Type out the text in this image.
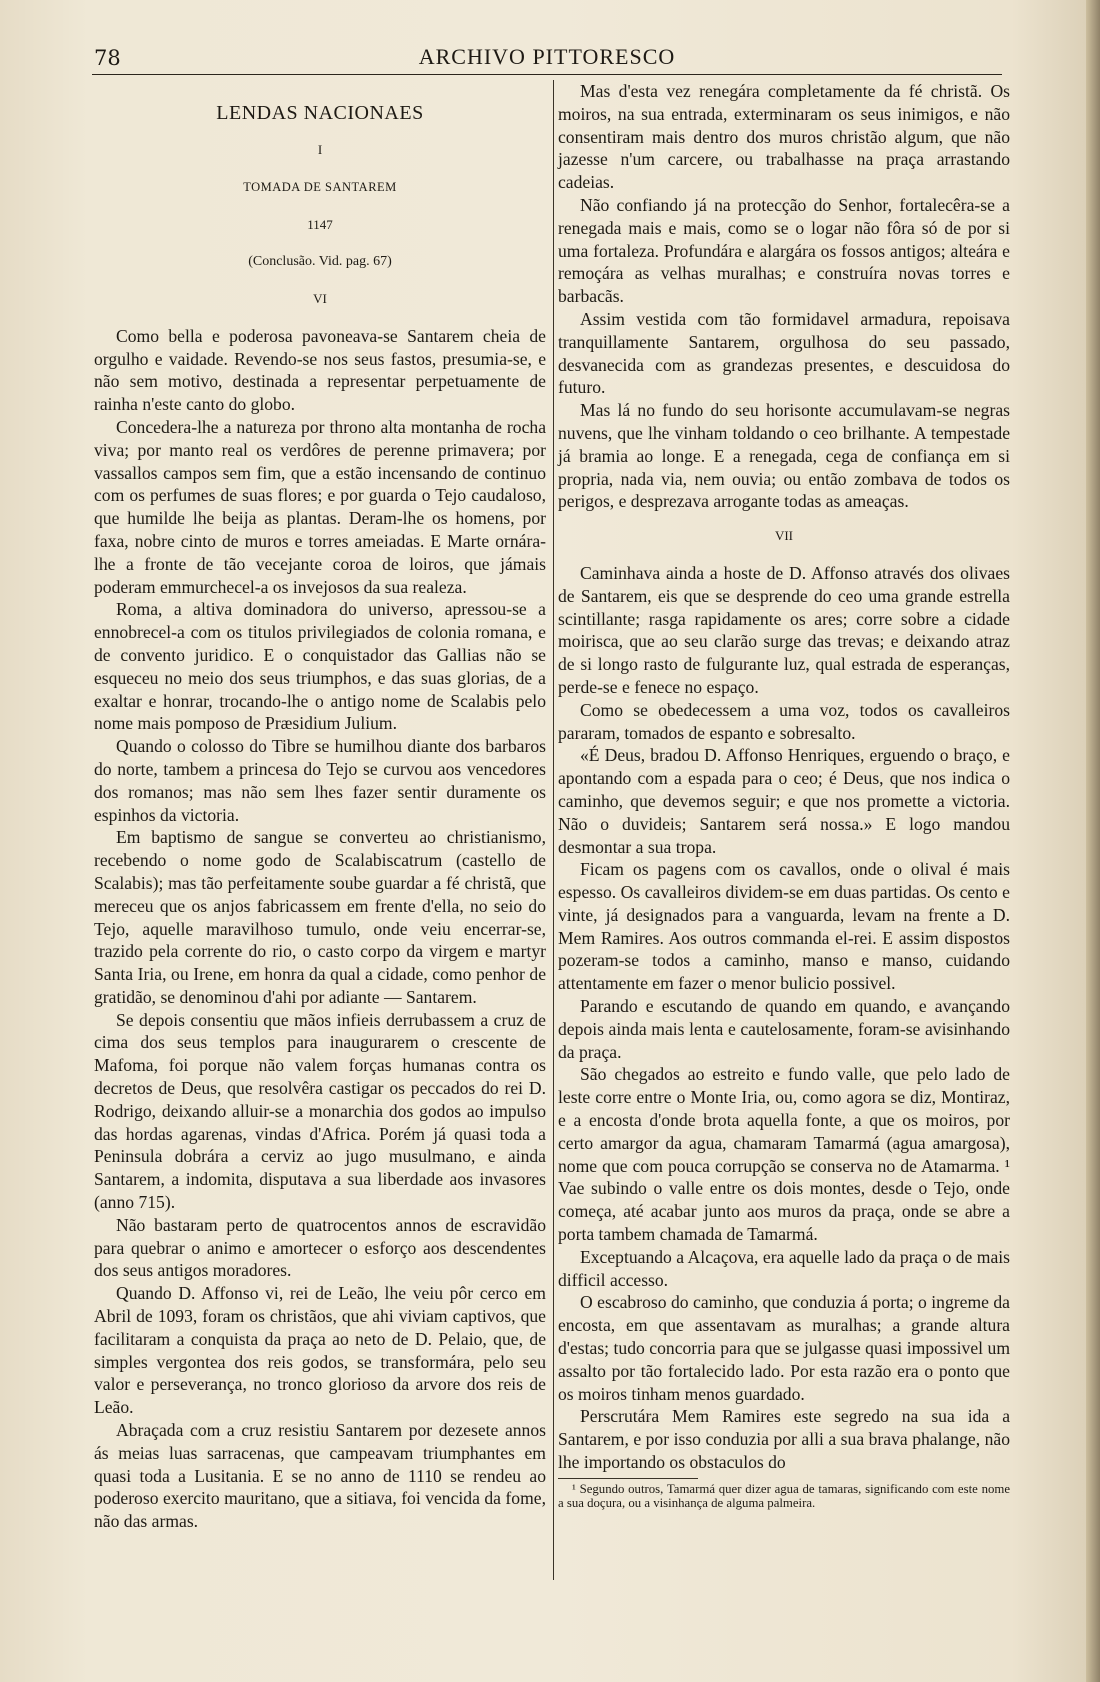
78	ARCHIVO PITTORESCO

LENDAS NACIONAES

I

TOMADA DE SANTAREM

1147

(Conclusão. Vid. pag. 67)

VI

Como bella e poderosa pavoneava-se Santarem cheia de orgulho e vaidade. Revendo-se nos seus fastos, presumia-se, e não sem motivo, destinada a representar perpetuamente de rainha n'este canto do globo.

Concedera-lhe a natureza por throno alta montanha de rocha viva; por manto real os verdôres de perenne primavera; por vassallos campos sem fim, que a estão incensando de continuo com os perfumes de suas flores; e por guarda o Tejo caudaloso, que humilde lhe beija as plantas. Deram-lhe os homens, por faxa, nobre cinto de muros e torres ameiadas. E Marte ornára-lhe a fronte de tão vecejante coroa de loiros, que jámais poderam emmurchecel-a os invejosos da sua realeza.

Roma, a altiva dominadora do universo, apressou-se a ennobrecel-a com os titulos privilegiados de colonia romana, e de convento juridico. E o conquistador das Gallias não se esqueceu no meio dos seus triumphos, e das suas glorias, de a exaltar e honrar, trocando-lhe o antigo nome de Scalabis pelo nome mais pomposo de Præsidium Julium.

Quando o colosso do Tibre se humilhou diante dos barbaros do norte, tambem a princesa do Tejo se curvou aos vencedores dos romanos; mas não sem lhes fazer sentir duramente os espinhos da victoria.

Em baptismo de sangue se converteu ao christianismo, recebendo o nome godo de Scalabiscatrum (castello de Scalabis); mas tão perfeitamente soube guardar a fé christã, que mereceu que os anjos fabricassem em frente d'ella, no seio do Tejo, aquelle maravilhoso tumulo, onde veiu encerrar-se, trazido pela corrente do rio, o casto corpo da virgem e martyr Santa Iria, ou Irene, em honra da qual a cidade, como penhor de gratidão, se denominou d'ahi por adiante — Santarem.

Se depois consentiu que mãos infieis derrubassem a cruz de cima dos seus templos para inaugurarem o crescente de Mafoma, foi porque não valem forças humanas contra os decretos de Deus, que resolvêra castigar os peccados do rei D. Rodrigo, deixando alluir-se a monarchia dos godos ao impulso das hordas agarenas, vindas d'Africa. Porém já quasi toda a Peninsula dobrára a cerviz ao jugo musulmano, e ainda Santarem, a indomita, disputava a sua liberdade aos invasores (anno 715).

Não bastaram perto de quatrocentos annos de escravidão para quebrar o animo e amortecer o esforço aos descendentes dos seus antigos moradores.

Quando D. Affonso vi, rei de Leão, lhe veiu pôr cerco em Abril de 1093, foram os christãos, que ahi viviam captivos, que facilitaram a conquista da praça ao neto de D. Pelaio, que, de simples vergontea dos reis godos, se transformára, pelo seu valor e perseverança, no tronco glorioso da arvore dos reis de Leão.

Abraçada com a cruz resistiu Santarem por dezesete annos ás meias luas sarracenas, que campeavam triumphantes em quasi toda a Lusitania. E se no anno de 1110 se rendeu ao poderoso exercito mauritano, que a sitiava, foi vencida da fome, não das armas.

Mas d'esta vez renegára completamente da fé christã. Os moiros, na sua entrada, exterminaram os seus inimigos, e não consentiram mais dentro dos muros christão algum, que não jazesse n'um carcere, ou trabalhasse na praça arrastando cadeias.

Não confiando já na protecção do Senhor, fortalecêra-se a renegada mais e mais, como se o logar não fôra só de por si uma fortaleza. Profundára e alargára os fossos antigos; alteára e remoçára as velhas muralhas; e construíra novas torres e barbacãs.

Assim vestida com tão formidavel armadura, repoisava tranquillamente Santarem, orgulhosa do seu passado, desvanecida com as grandezas presentes, e descuidosa do futuro.

Mas lá no fundo do seu horisonte accumulavam-se negras nuvens, que lhe vinham toldando o ceo brilhante. A tempestade já bramia ao longe. E a renegada, cega de confiança em si propria, nada via, nem ouvia; ou então zombava de todos os perigos, e desprezava arrogante todas as ameaças.

VII

Caminhava ainda a hoste de D. Affonso através dos olivaes de Santarem, eis que se desprende do ceo uma grande estrella scintillante; rasga rapidamente os ares; corre sobre a cidade moirisca, que ao seu clarão surge das trevas; e deixando atraz de si longo rasto de fulgurante luz, qual estrada de esperanças, perde-se e fenece no espaço.

Como se obedecessem a uma voz, todos os cavalleiros pararam, tomados de espanto e sobresalto.

«É Deus, bradou D. Affonso Henriques, erguendo o braço, e apontando com a espada para o ceo; é Deus, que nos indica o caminho, que devemos seguir; e que nos promette a victoria. Não o duvideis; Santarem será nossa.» E logo mandou desmontar a sua tropa.

Ficam os pagens com os cavallos, onde o olival é mais espesso. Os cavalleiros dividem-se em duas partidas. Os cento e vinte, já designados para a vanguarda, levam na frente a D. Mem Ramires. Aos outros commanda el-rei. E assim dispostos pozeram-se todos a caminho, manso e manso, cuidando attentamente em fazer o menor bulicio possivel.

Parando e escutando de quando em quando, e avançando depois ainda mais lenta e cautelosamente, foram-se avisinhando da praça.

São chegados ao estreito e fundo valle, que pelo lado de leste corre entre o Monte Iria, ou, como agora se diz, Montiraz, e a encosta d'onde brota aquella fonte, a que os moiros, por certo amargor da agua, chamaram Tamarmá (agua amargosa), nome que com pouca corrupção se conserva no de Atamarma. ¹ Vae subindo o valle entre os dois montes, desde o Tejo, onde começa, até acabar junto aos muros da praça, onde se abre a porta tambem chamada de Tamarmá.

Exceptuando a Alcaçova, era aquelle lado da praça o de mais difficil accesso.

O escabroso do caminho, que conduzia á porta; o ingreme da encosta, em que assentavam as muralhas; a grande altura d'estas; tudo concorria para que se julgasse quasi impossivel um assalto por tão fortalecido lado. Por esta razão era o ponto que os moiros tinham menos guardado.

Perscrutára Mem Ramires este segredo na sua ida a Santarem, e por isso conduzia por alli a sua brava phalange, não lhe importando os obstaculos do

¹ Segundo outros, Tamarmá quer dizer agua de tamaras, significando com este nome a sua doçura, ou a visinhança de alguma palmeira.
